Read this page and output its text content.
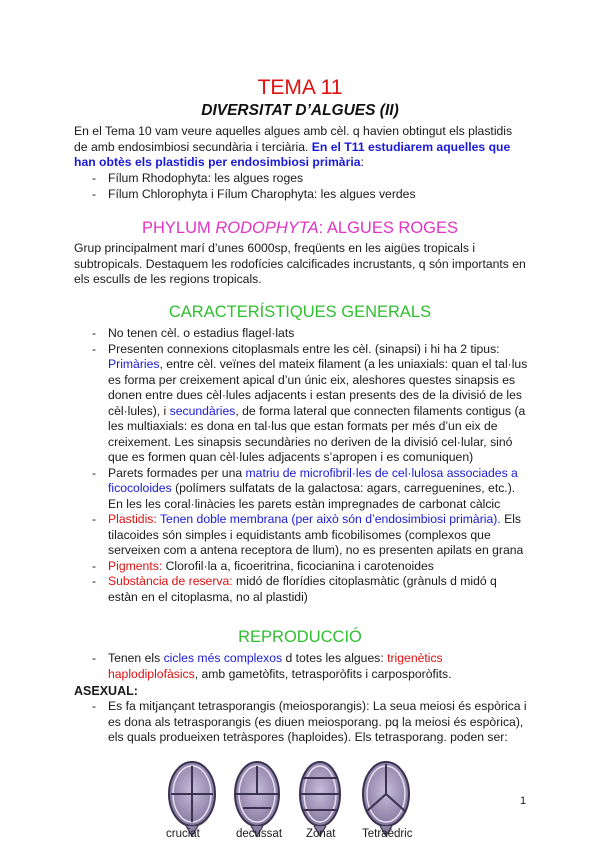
TEMA 11
DIVERSITAT D’ALGUES (II)
En el Tema 10 vam veure aquelles algues amb cèl. q havien obtingut els plastidis de amb endosimbiosi secundària i terciària. En el T11 estudiarem aquelles que han obtès els plastidis per endosimbiosi primària:
- Fílum Rhodophyta: les algues roges
- Fílum Chlorophyta i Fílum Charophyta: les algues verdes
PHYLUM RODOPHYTA: ALGUES ROGES
Grup principalment marí d’unes 6000sp, freqüents en les aigües tropicals i subtropicals. Destaquem les rodofícies calcificades incrustants, q són importants en els esculls de les regions tropicals.
CARACTERÍSTIQUES GENERALS
- No tenen cèl. o estadius flagel·lats
- Presenten connexions citoplasmals entre les cèl. (sinapsi) i hi ha 2 tipus: Primàries, entre cèl. veïnes del mateix filament (a les uniaxials: quan el tal·lus es forma per creixement apical d’un únic eix, aleshores questes sinapsis es donen entre dues cèl·lules adjacents i estan presents des de la divisió de les cèl·lules), i secundàries, de forma lateral que connecten filaments contigus (a les multiaxials: es dona en tal·lus que estan formats per més d’un eix de creixement. Les sinapsis secundàries no deriven de la divisió cel·lular, sinó que es formen quan cèl·lules adjacents s’apropen i es comuniquen)
- Parets formades per una matriu de microfibril·les de cel·lulosa associades a ficocoloides (polímers sulfatats de la galactosa: agars, carreguenines, etc.). En les les coral·linàcies les parets estàn impregnades de carbonat càlcic
- Plastidis: Tenen doble membrana (per això són d’endosimbiosi primària). Els tilacoides són simples i equidistants amb ficobilisomes (complexos que serveixen com a antena receptora de llum), no es presenten apilats en grana
- Pigments: Clorofil·la a, ficoeritrina, ficocianina i carotenoides
- Substància de reserva: midó de florídies citoplasmàtic (grànuls d midó q estàn en el citoplasma, no al plastidi)
REPRODUCCIÓ
- Tenen els cicles més complexos d totes les algues: trigenètics haplodiplofàsics, amb gametòfits, tetrasporòfits i carposporòfits.
ASEXUAL:
- Es fa mitjançant tetrasporangis (meiosporangis): La seua meiosi és espòrica i es dona als tetrasporangis (es diuen meiosporang. pq la meiosi és espòrica), els quals produeixen tetràspores (haploides). Els tetrasporang. poden ser:
1
cruciat	decussat Zonat Tetraèdric
